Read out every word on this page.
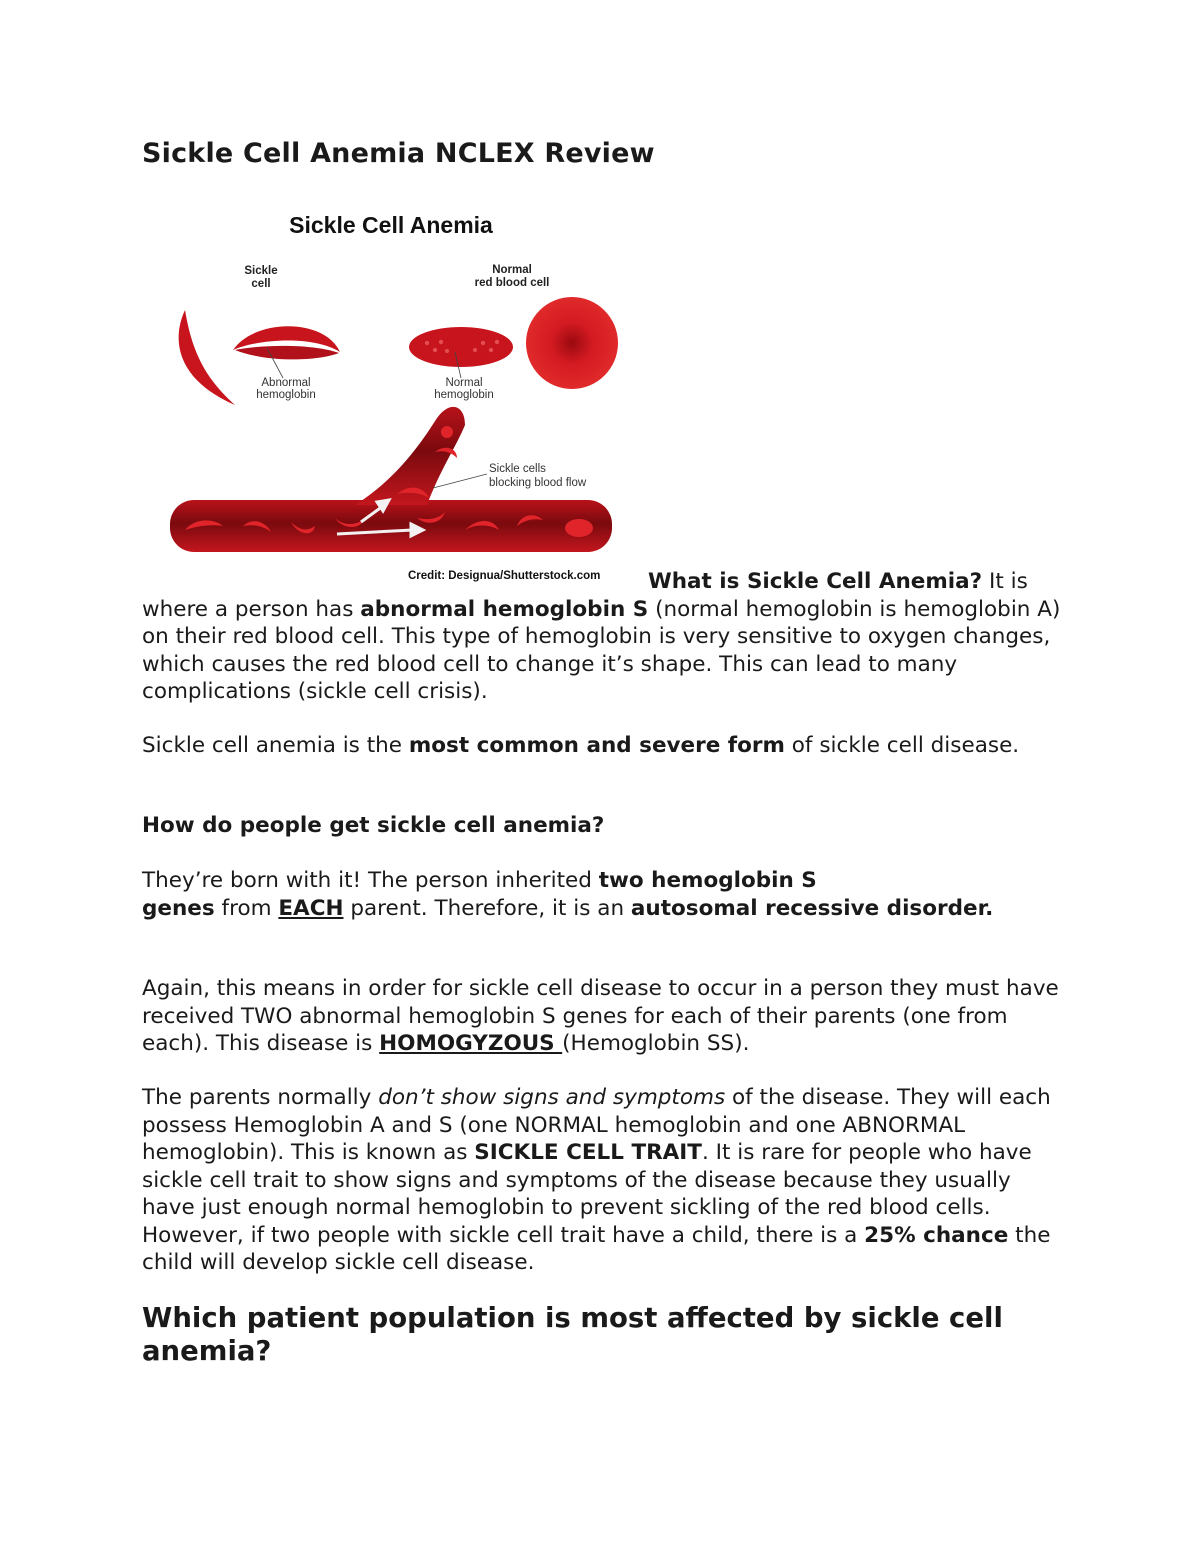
Sickle Cell Anemia NCLEX Review
Sickle Cell Anemia
Sickle
cell
Normal
red blood cell
Abnormal
hemoglobin
Normal
hemoglobin
Sickle cells
blocking blood flow
Credit: Designua/Shutterstock.com	What is Sickle Cell Anemia? It is where a person has abnormal hemoglobin S (normal hemoglobin is hemoglobin A) on their red blood cell. This type of hemoglobin is very sensitive to oxygen changes, which causes the red blood cell to change it’s shape. This can lead to many complications (sickle cell crisis).

Sickle cell anemia is the most common and severe form of sickle cell disease.

How do people get sickle cell anemia?

They’re born with it! The person inherited two hemoglobin S
genes from EACH parent. Therefore, it is an autosomal recessive disorder.

Again, this means in order for sickle cell disease to occur in a person they must have received TWO abnormal hemoglobin S genes for each of their parents (one from each). This disease is HOMOGYZOUS (Hemoglobin SS).

The parents normally don’t show signs and symptoms of the disease. They will each possess Hemoglobin A and S (one NORMAL hemoglobin and one ABNORMAL hemoglobin). This is known as SICKLE CELL TRAIT. It is rare for people who have sickle cell trait to show signs and symptoms of the disease because they usually have just enough normal hemoglobin to prevent sickling of the red blood cells. However, if two people with sickle cell trait have a child, there is a 25% chance the child will develop sickle cell disease.

Which patient population is most affected by sickle cell anemia?
